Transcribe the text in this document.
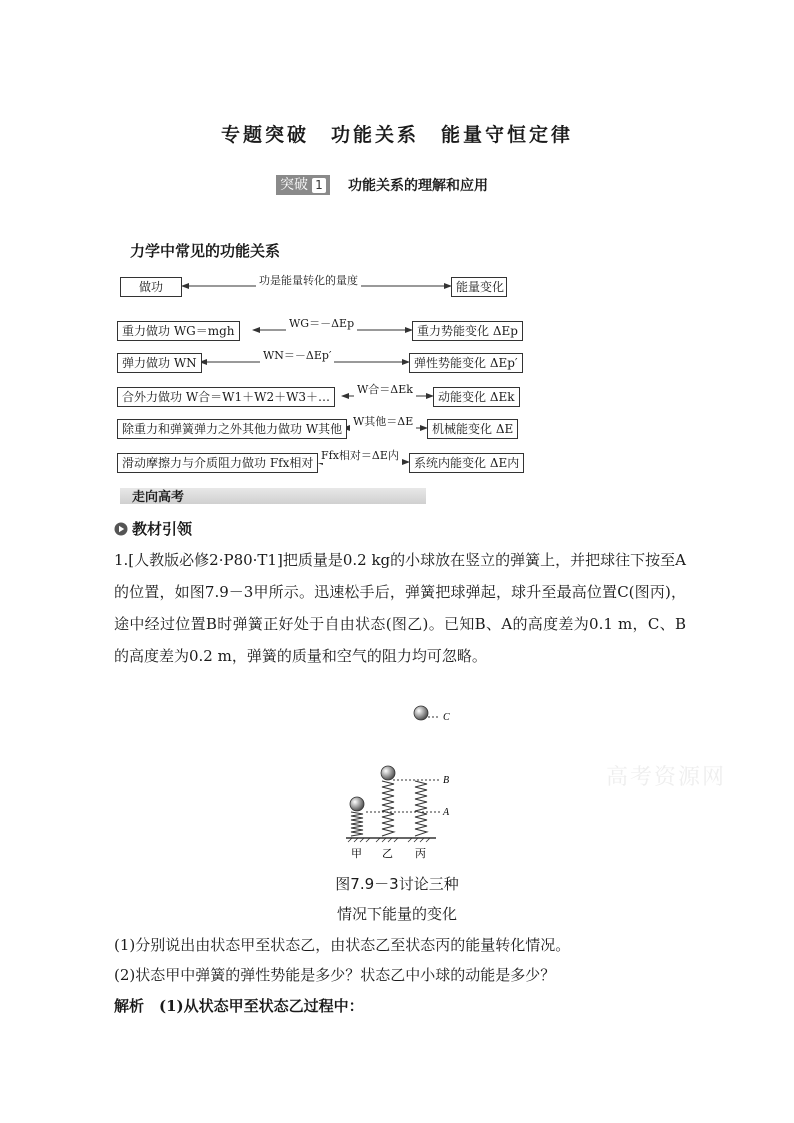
专题突破　功能关系　能量守恒定律
突破 1 功能关系的理解和应用
力学中常见的功能关系
做功	功是能量转化的量度	能量变化
重力做功 WG＝mgh
WG＝－ΔEp
重力势能变化 ΔEp
弹力做功 WN
WN＝－ΔEp′
弹性势能变化 ΔEp′
合外力做功 W合＝W1＋W2＋W3＋…
W合＝ΔEk
动能变化 ΔEk
除重力和弹簧弹力之外其他力做功 W其他
W其他＝ΔE
机械能变化 ΔE
滑动摩擦力与介质阻力做功 Ffx相对
Ffx相对＝ΔE内
系统内能变化 ΔE内
走向高考
教材引领
1.[人教版必修2·P80·T1]把质量是0.2 kg的小球放在竖立的弹簧上，并把球往下按至A的位置，如图7.9－3甲所示。迅速松手后，弹簧把球弹起，球升至最高位置C(图丙)，途中经过位置B时弹簧正好处于自由状态(图乙)。已知B、A的高度差为0.1 m，C、B的高度差为0.2 m，弹簧的质量和空气的阻力均可忽略。
C
B
A
甲 乙 丙
图7.9－3讨论三种
情况下能量的变化
(1)分别说出由状态甲至状态乙，由状态乙至状态丙的能量转化情况。
(2)状态甲中弹簧的弹性势能是多少？状态乙中小球的动能是多少？
解析　(1)从状态甲至状态乙过程中：
高考资源网
